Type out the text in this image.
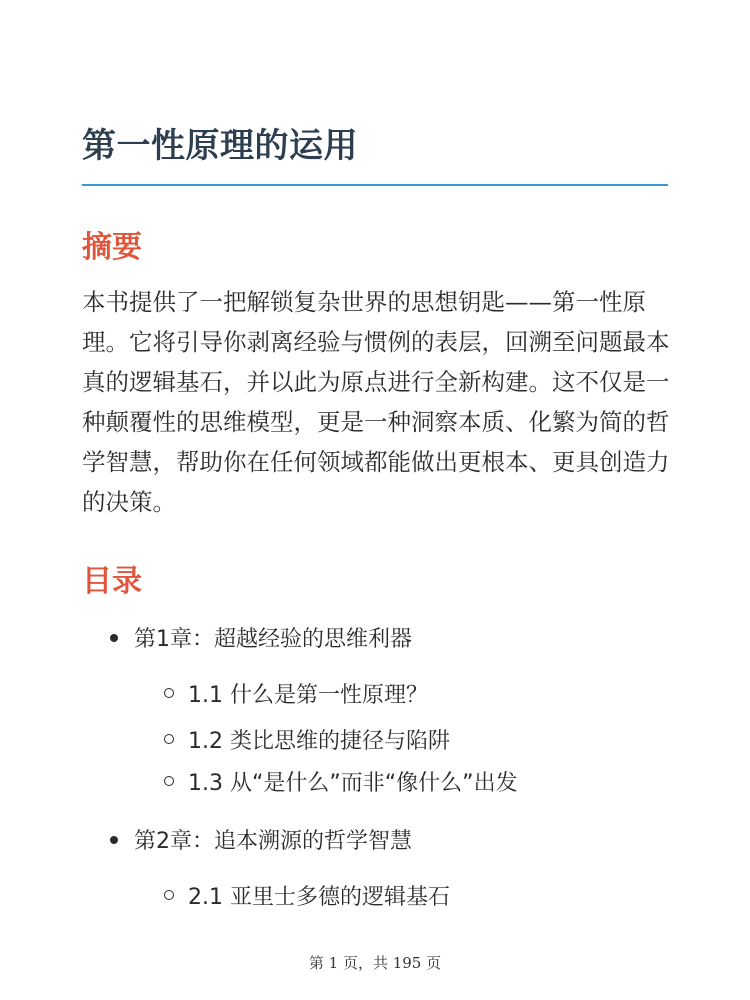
第一性原理的运用
摘要

本书提供了一把解锁复杂世界的思想钥匙——第一性原理。它将引导你剥离经验与惯例的表层，回溯至问题最本真的逻辑基石，并以此为原点进行全新构建。这不仅是一种颠覆性的思维模型，更是一种洞察本质、化繁为简的哲学智慧，帮助你在任何领域都能做出更根本、更具创造力的决策。

目录
第1章：超越经验的思维利器
1.1 什么是第一性原理？
1.2 类比思维的捷径与陷阱
1.3 从“是什么”而非“像什么”出发
第2章：追本溯源的哲学智慧
2.1 亚里士多德的逻辑基石
第 1 页，共 195 页
